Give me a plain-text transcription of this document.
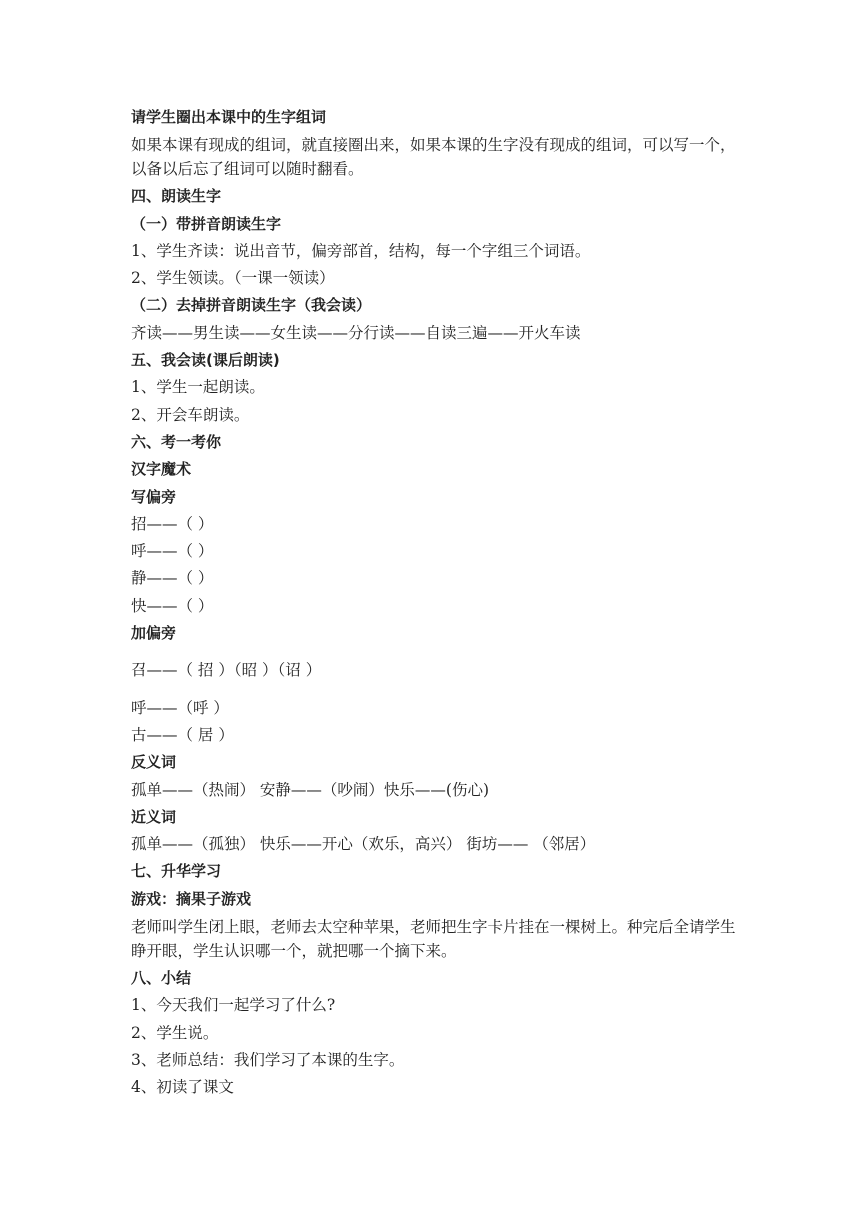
请学生圈出本课中的生字组词
如果本课有现成的组词，就直接圈出来，如果本课的生字没有现成的组词，可以写一个，以备以后忘了组词可以随时翻看。
四、朗读生字
（一）带拼音朗读生字
1、学生齐读：说出音节，偏旁部首，结构，每一个字组三个词语。
2、学生领读。（一课一领读）
（二）去掉拼音朗读生字（我会读）
齐读——男生读——女生读——分行读——自读三遍——开火车读
五、我会读(课后朗读)
1、学生一起朗读。
2、开会车朗读。
六、考一考你
汉字魔术
写偏旁
招——（ ）
呼——（ ）
静——（ ）
快——（ ）
加偏旁
召——（ 招 ）（昭 ）（诏 ）
呼——（呼 ）
古——（ 居 ）
反义词
孤单——（热闹） 安静——（吵闹）快乐——(伤心)
近义词
孤单——（孤独） 快乐——开心（欢乐，高兴） 街坊—— （邻居）
七、升华学习
游戏：摘果子游戏
老师叫学生闭上眼，老师去太空种苹果，老师把生字卡片挂在一棵树上。种完后全请学生睁开眼，学生认识哪一个，就把哪一个摘下来。
八、小结
1、今天我们一起学习了什么?
2、学生说。
3、老师总结：我们学习了本课的生字。
4、初读了课文
